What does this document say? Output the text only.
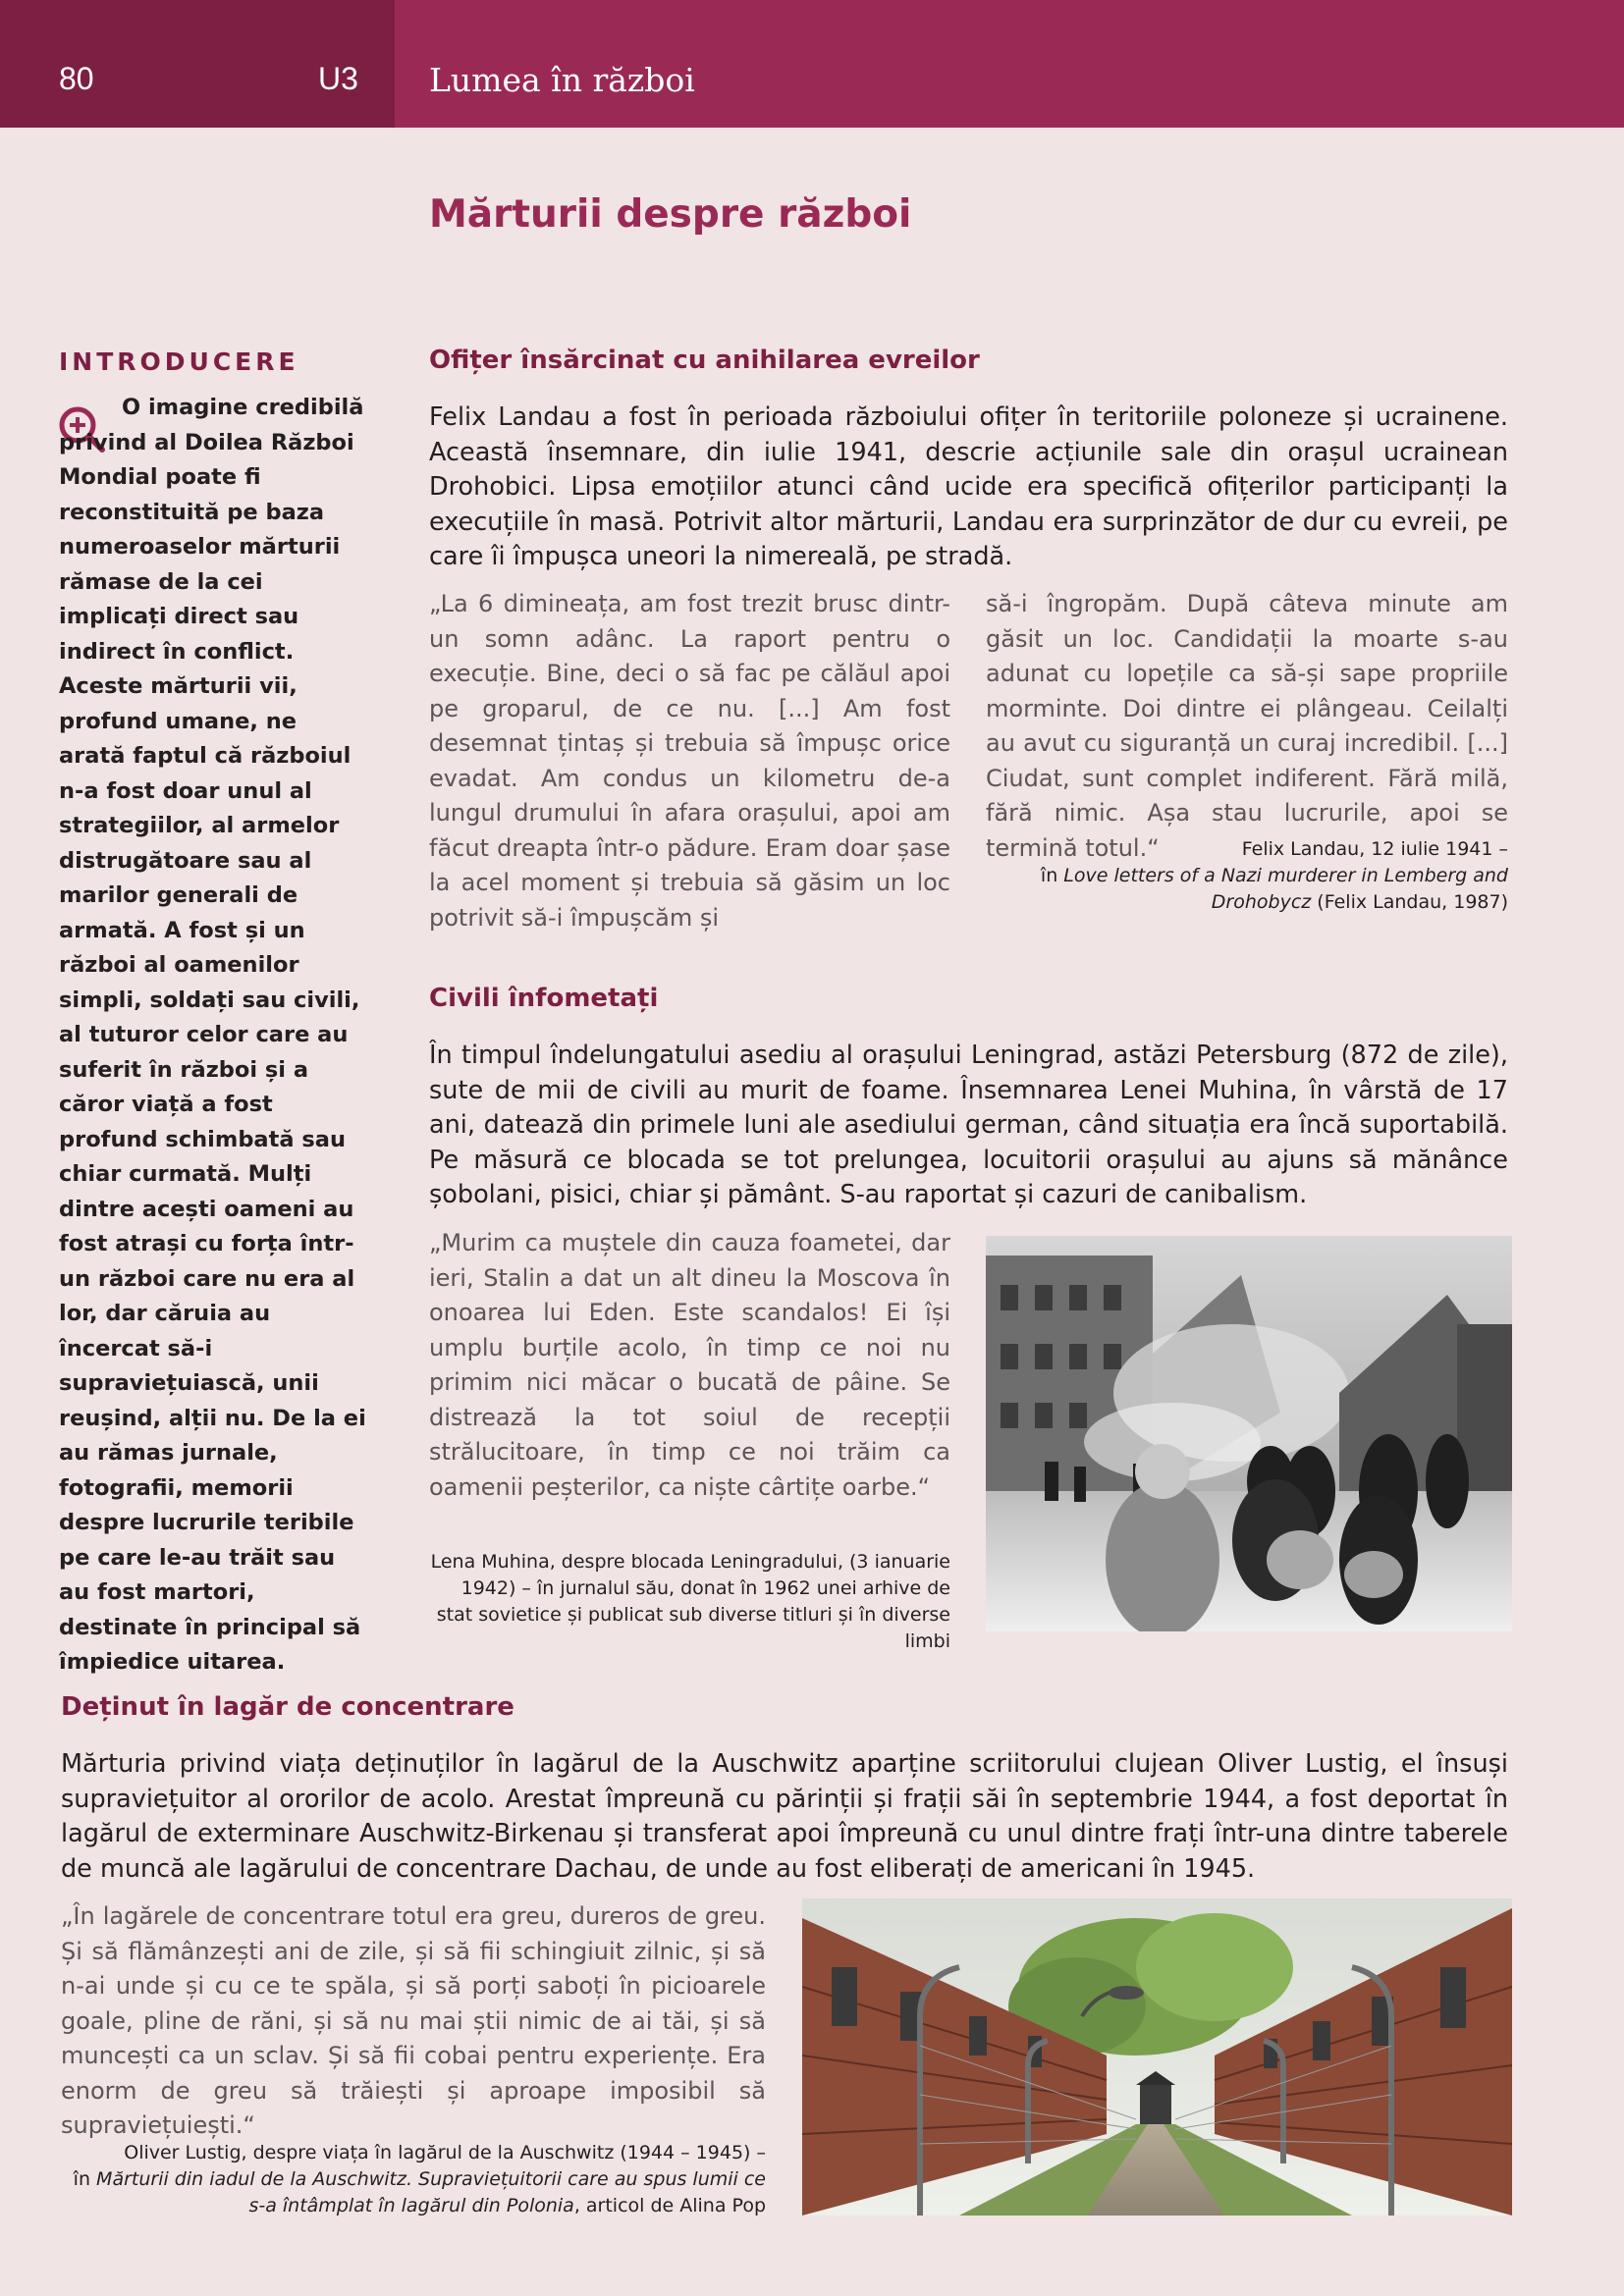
80	U3 Lumea în război
Mărturii despre război
INTRODUCERE

O imagine credibilă privind al Doilea Război Mondial poate fi reconstituită pe baza numeroaselor mărturii rămase de la cei implicați direct sau indirect în conflict. Aceste mărturii vii, profund umane, ne arată faptul că războiul n-a fost doar unul al strategiilor, al armelor distrugătoare sau al marilor generali de armată. A fost și un război al oamenilor simpli, soldați sau civili, al tuturor celor care au suferit în război și a căror viață a fost profund schimbată sau chiar curmată. Mulți dintre acești oameni au fost atrași cu forța într-un război care nu era al lor, dar căruia au încercat să-i supraviețuiască, unii reușind, alții nu. De la ei au rămas jurnale, fotografii, memorii despre lucrurile teribile pe care le-au trăit sau au fost martori, destinate în principal să împiedice uitarea.

Ofițer însărcinat cu anihilarea evreilor

Felix Landau a fost în perioada războiului ofițer în teritoriile poloneze și ucrainene. Această însemnare, din iulie 1941, descrie acțiunile sale din orașul ucrainean Drohobici. Lipsa emoțiilor atunci când ucide era specifică ofițerilor participanți la execuțiile în masă. Potrivit altor mărturii, Landau era surprinzător de dur cu evreii, pe care îi împușca uneori la nimereală, pe stradă.

„La 6 dimineața, am fost trezit brusc dintr-un somn adânc. La raport pentru o execuție. Bine, deci o să fac pe călăul apoi pe groparul, de ce nu. [...] Am fost desemnat țintaș și trebuia să împușc orice evadat. Am condus un kilometru de-a lungul drumului în afara orașului, apoi am făcut dreapta într-o pădure. Eram doar șase la acel moment și trebuia să găsim un loc potrivit să-i împușcăm și

să-i îngropăm. După câteva minute am găsit un loc. Candidații la moarte s-au adunat cu lopețile ca să-și sape propriile morminte. Doi dintre ei plângeau. Ceilalți au avut cu siguranță un curaj incredibil. [...] Ciudat, sunt complet indiferent. Fără milă, fără nimic. Așa stau lucrurile, apoi se termină totul.“	Felix Landau, 12 iulie 1941 –
în Love letters of a Nazi murderer in Lemberg and Drohobycz (Felix Landau, 1987)
Civili înfometați

În timpul îndelungatului asediu al orașului Leningrad, astăzi Petersburg (872 de zile), sute de mii de civili au murit de foame. Însemnarea Lenei Muhina, în vârstă de 17 ani, datează din primele luni ale asediului german, când situația era încă suportabilă. Pe măsură ce blocada se tot prelungea, locuitorii orașului au ajuns să mănânce șobolani, pisici, chiar și pământ. S-au raportat și cazuri de canibalism.

„Murim ca muștele din cauza foametei, dar ieri, Stalin a dat un alt dineu la Moscova în onoarea lui Eden. Este scandalos! Ei își umplu burțile acolo, în timp ce noi nu primim nici măcar o bucată de pâine. Se distrează la tot soiul de recepții strălucitoare, în timp ce noi trăim ca oamenii peșterilor, ca niște cârtițe oarbe.“

Lena Muhina, despre blocada Leningradului, (3 ianuarie 1942) – în jurnalul său, donat în 1962 unei arhive de stat sovietice și publicat sub diverse titluri și în diverse limbi
Deținut în lagăr de concentrare

Mărturia privind viața deținuților în lagărul de la Auschwitz aparține scriitorului clujean Oliver Lustig, el însuși supraviețuitor al ororilor de acolo. Arestat împreună cu părinții și frații săi în septembrie 1944, a fost deportat în lagărul de exterminare Auschwitz-Birkenau și transferat apoi împreună cu unul dintre frați într-una dintre taberele de muncă ale lagărului de concentrare Dachau, de unde au fost eliberați de americani în 1945.

„În lagărele de concentrare totul era greu, dureros de greu. Și să flămânzești ani de zile, și să fii schingiuit zilnic, și să n-ai unde și cu ce te spăla, și să porți saboți în picioarele goale, pline de răni, și să nu mai știi nimic de ai tăi, și să muncești ca un sclav. Și să fii cobai pentru experiențe. Era enorm de greu să trăiești și aproape imposibil să supraviețuiești.“

Oliver Lustig, despre viața în lagărul de la Auschwitz (1944 – 1945) –
în Mărturii din iadul de la Auschwitz. Supraviețuitorii care au spus lumii ce s-a întâmplat în lagărul din Polonia, articol de Alina Pop
